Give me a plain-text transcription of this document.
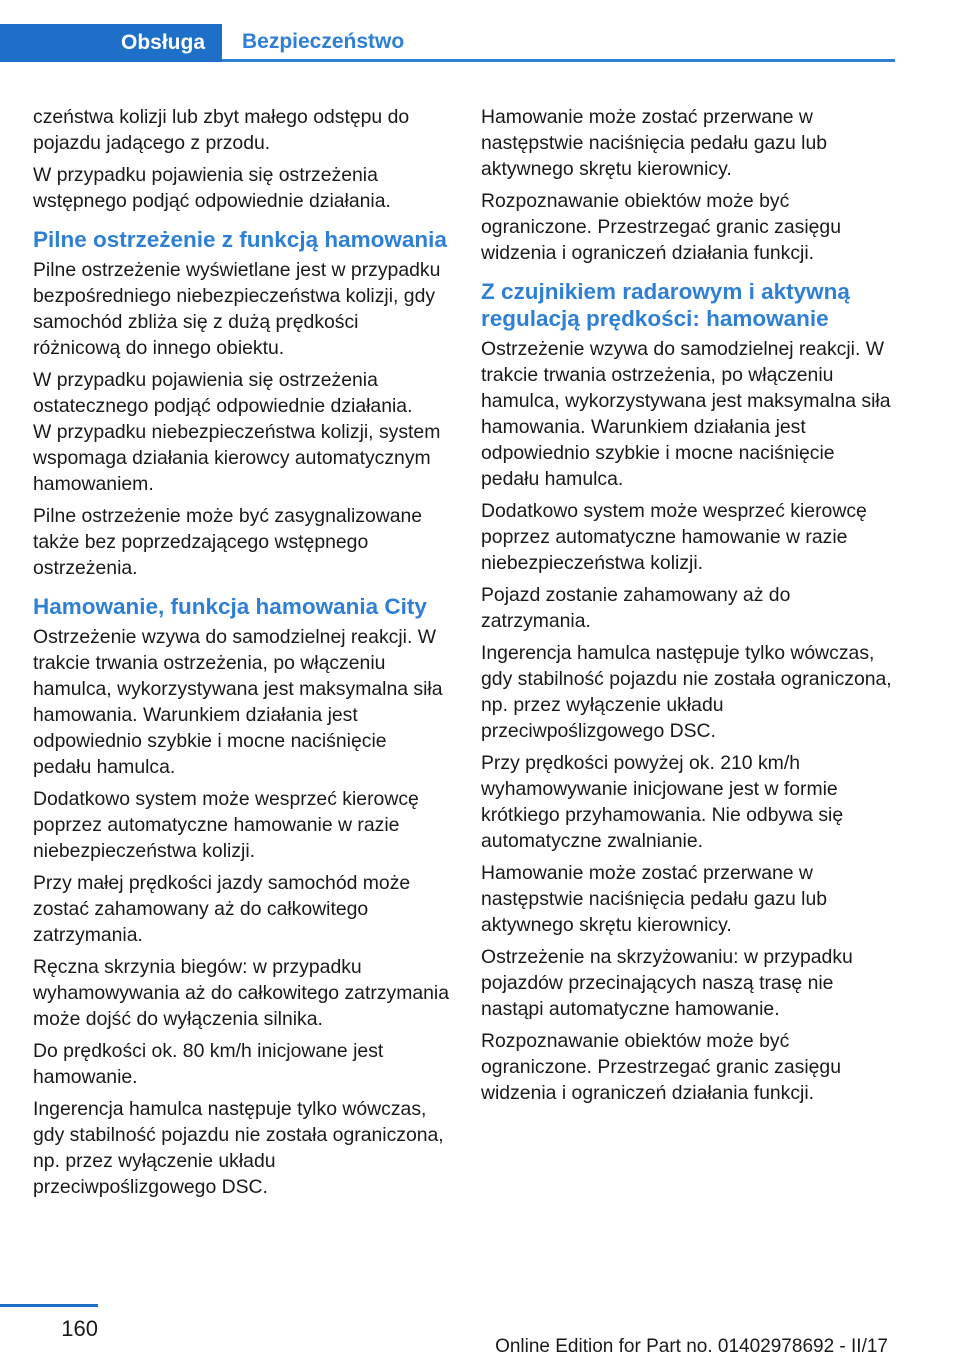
Obsługa	Bezpieczeństwo

czeństwa kolizji lub zbyt małego odstępu do pojazdu jadącego z przodu.

W przypadku pojawienia się ostrzeżenia wstępnego podjąć odpowiednie działania.

Pilne ostrzeżenie z funkcją hamowania

Pilne ostrzeżenie wyświetlane jest w przypadku bezpośredniego niebezpieczeństwa kolizji, gdy samochód zbliża się z dużą prędkości różnicową do innego obiektu.

W przypadku pojawienia się ostrzeżenia ostatecznego podjąć odpowiednie działania.

W przypadku niebezpieczeństwa kolizji, system wspomaga działania kierowcy automatycznym hamowaniem.

Pilne ostrzeżenie może być zasygnalizowane także bez poprzedzającego wstępnego ostrzeżenia.

Hamowanie, funkcja hamowania City

Ostrzeżenie wzywa do samodzielnej reakcji. W trakcie trwania ostrzeżenia, po włączeniu hamulca, wykorzystywana jest maksymalna siła hamowania. Warunkiem działania jest odpowiednio szybkie i mocne naciśnięcie pedału hamulca.

Dodatkowo system może wesprzeć kierowcę poprzez automatyczne hamowanie w razie niebezpieczeństwa kolizji.

Przy małej prędkości jazdy samochód może zostać zahamowany aż do całkowitego zatrzymania.

Ręczna skrzynia biegów: w przypadku wyhamowywania aż do całkowitego zatrzymania może dojść do wyłączenia silnika.

Do prędkości ok. 80 km/h inicjowane jest hamowanie.

Ingerencja hamulca następuje tylko wówczas, gdy stabilność pojazdu nie została ograniczona, np. przez wyłączenie układu przeciwpoślizgowego DSC.

Hamowanie może zostać przerwane w następstwie naciśnięcia pedału gazu lub aktywnego skrętu kierownicy.

Rozpoznawanie obiektów może być ograniczone. Przestrzegać granic zasięgu widzenia i ograniczeń działania funkcji.

Z czujnikiem radarowym i aktywną regulacją prędkości: hamowanie

Ostrzeżenie wzywa do samodzielnej reakcji. W trakcie trwania ostrzeżenia, po włączeniu hamulca, wykorzystywana jest maksymalna siła hamowania. Warunkiem działania jest odpowiednio szybkie i mocne naciśnięcie pedału hamulca.

Dodatkowo system może wesprzeć kierowcę poprzez automatyczne hamowanie w razie niebezpieczeństwa kolizji.

Pojazd zostanie zahamowany aż do zatrzymania.

Ingerencja hamulca następuje tylko wówczas, gdy stabilność pojazdu nie została ograniczona, np. przez wyłączenie układu przeciwpoślizgowego DSC.

Przy prędkości powyżej ok. 210 km/h wyhamowywanie inicjowane jest w formie krótkiego przyhamowania. Nie odbywa się automatyczne zwalnianie.

Hamowanie może zostać przerwane w następstwie naciśnięcia pedału gazu lub aktywnego skrętu kierownicy.

Ostrzeżenie na skrzyżowaniu: w przypadku pojazdów przecinających naszą trasę nie nastąpi automatyczne hamowanie.

Rozpoznawanie obiektów może być ograniczone. Przestrzegać granic zasięgu widzenia i ograniczeń działania funkcji.

160
Online Edition for Part no. 01402978692 - II/17
